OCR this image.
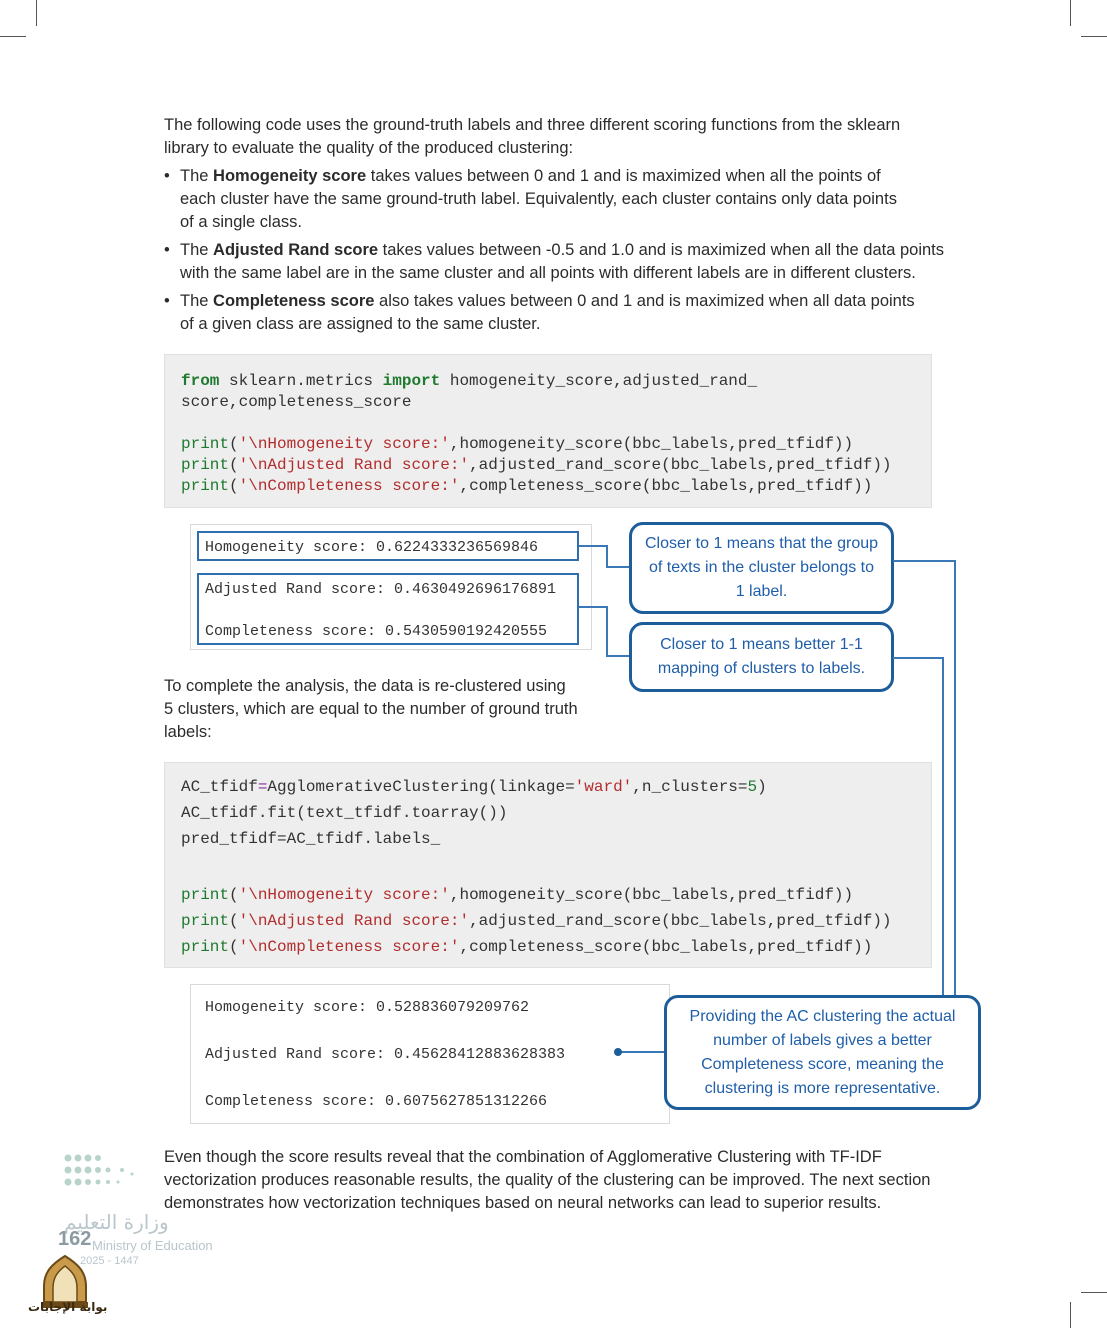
The following code uses the ground-truth labels and three different scoring functions from the sklearn
library to evaluate the quality of the produced clustering:
• The Homogeneity score takes values between 0 and 1 and is maximized when all the points of
each cluster have the same ground-truth label. Equivalently, each cluster contains only data points
of a single class.
• The Adjusted Rand score takes values between -0.5 and 1.0 and is maximized when all the data points
with the same label are in the same cluster and all points with different labels are in different clusters.
• The Completeness score also takes values between 0 and 1 and is maximized when all data points
of a given class are assigned to the same cluster.
from sklearn.metrics import homogeneity_score,adjusted_rand_
score,completeness_score
print('\nHomogeneity score:',homogeneity_score(bbc_labels,pred_tfidf))
print('\nAdjusted Rand score:',adjusted_rand_score(bbc_labels,pred_tfidf))
print('\nCompleteness score:',completeness_score(bbc_labels,pred_tfidf))
Homogeneity score: 0.6224333236569846
Adjusted Rand score: 0.4630492696176891
Completeness score: 0.5430590192420555
Closer to 1 means that the group of texts in the cluster belongs to 1 label.
Closer to 1 means better 1-1 mapping of clusters to labels.
To complete the analysis, the data is re-clustered using
5 clusters, which are equal to the number of ground truth
labels:
AC_tfidf=AgglomerativeClustering(linkage='ward',n_clusters=5)
AC_tfidf.fit(text_tfidf.toarray())
pred_tfidf=AC_tfidf.labels_
print('\nHomogeneity score:',homogeneity_score(bbc_labels,pred_tfidf))
print('\nAdjusted Rand score:',adjusted_rand_score(bbc_labels,pred_tfidf))
print('\nCompleteness score:',completeness_score(bbc_labels,pred_tfidf))
Homogeneity score: 0.528836079209762
Adjusted Rand score: 0.45628412883628383
Completeness score: 0.6075627851312266
Providing the AC clustering the actual number of labels gives a better Completeness score, meaning the clustering is more representative.
Even though the score results reveal that the combination of Agglomerative Clustering with TF-IDF
vectorization produces reasonable results, the quality of the clustering can be improved. The next section
demonstrates how vectorization techniques based on neural networks can lead to superior results.
وزارة التعليم
162 Ministry of Education
2025 - 1447
بوابة الإجابات
